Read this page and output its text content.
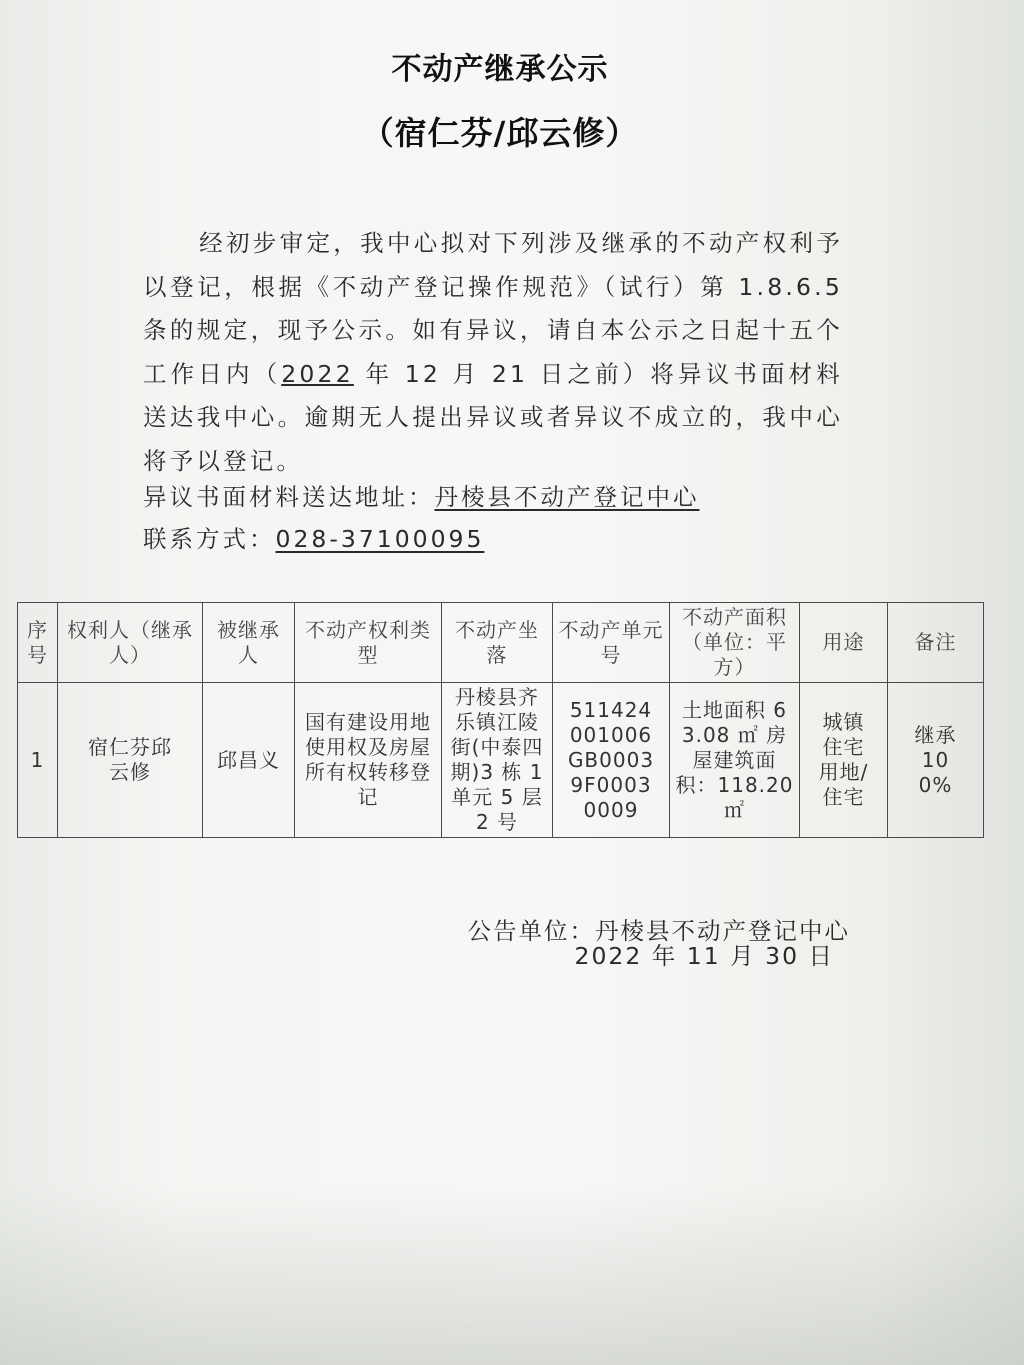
不动产继承公示
（宿仁芬/邱云修）
经初步审定，我中心拟对下列涉及继承的不动产权利予以登记，根据《不动产登记操作规范》（试行）第 1.8.6.5 条的规定，现予公示。如有异议，请自本公示之日起十五个工作日内（2022 年 12 月 21 日之前）将异议书面材料送达我中心。逾期无人提出异议或者异议不成立的，我中心将予以登记。
异议书面材料送达地址：丹棱县不动产登记中心
联系方式：028-37100095
序号	权利人（继承人）	被继承人	不动产权利类型	不动产坐落	不动产单元号	不动产面积（单位：平方）	用途	备注
1	宿仁芬邱云修	邱昌义	国有建设用地使用权及房屋所有权转移登记	丹棱县齐乐镇江陵街(中泰四期)3 栋 1 单元 5 层 2 号	511424001006GB00039F00030009	土地面积 63.08 ㎡ 房屋建筑面积：118.20 ㎡	城镇住宅用地/住宅	继承 100%
公告单位：丹棱县不动产登记中心
2022 年 11 月 30 日
